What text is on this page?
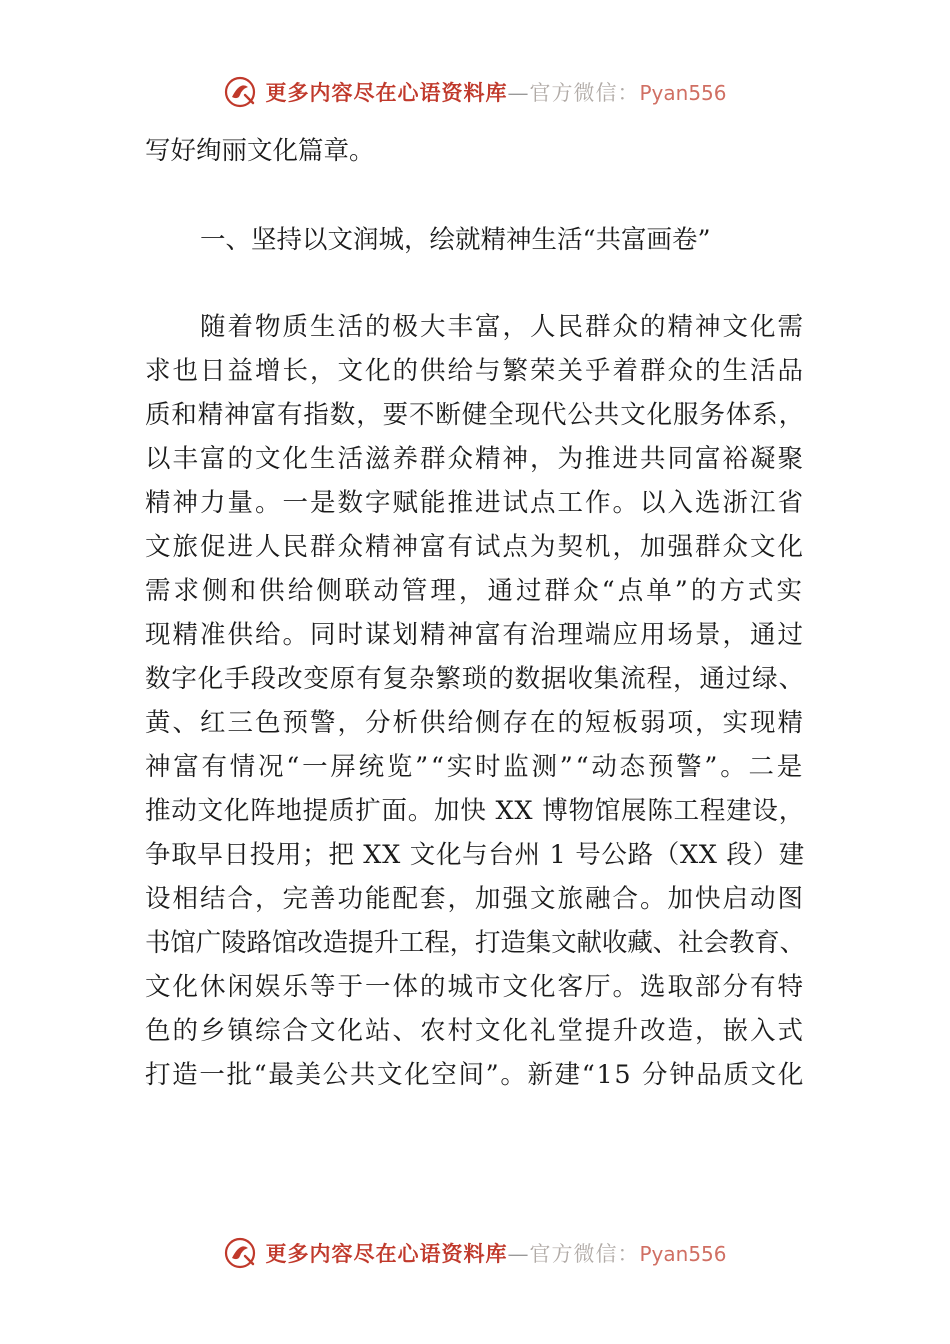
更多内容尽在心语资料库—官方微信：Pyan556
写好绚丽文化篇章。
一、坚持以文润城，绘就精神生活“共富画卷”
随着物质生活的极大丰富，人民群众的精神文化需
求也日益增长，文化的供给与繁荣关乎着群众的生活品
质和精神富有指数，要不断健全现代公共文化服务体系，
以丰富的文化生活滋养群众精神，为推进共同富裕凝聚
精神力量。一是数字赋能推进试点工作。以入选浙江省
文旅促进人民群众精神富有试点为契机，加强群众文化
需求侧和供给侧联动管理，通过群众“点单”的方式实
现精准供给。同时谋划精神富有治理端应用场景，通过
数字化手段改变原有复杂繁琐的数据收集流程，通过绿、
黄、红三色预警，分析供给侧存在的短板弱项，实现精
神富有情况“一屏统览”“实时监测”“动态预警”。二是
推动文化阵地提质扩面。加快 XX 博物馆展陈工程建设，
争取早日投用；把 XX 文化与台州 1 号公路（XX 段）建
设相结合，完善功能配套，加强文旅融合。加快启动图
书馆广陵路馆改造提升工程，打造集文献收藏、社会教育、
文化休闲娱乐等于一体的城市文化客厅。选取部分有特
色的乡镇综合文化站、农村文化礼堂提升改造，嵌入式
打造一批“最美公共文化空间”。新建“15 分钟品质文化
更多内容尽在心语资料库—官方微信：Pyan556
